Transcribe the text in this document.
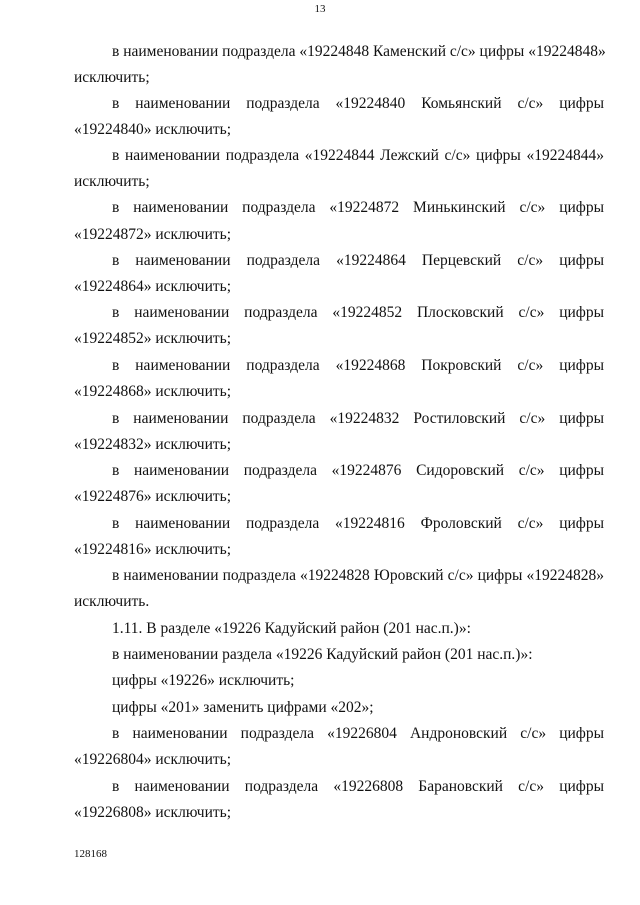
13
в наименовании подраздела «19224848 Каменский с/с» цифры «19224848»
исключить;
в наименовании подраздела «19224840 Комьянский с/с» цифры
«19224840» исключить;
в наименовании подраздела «19224844 Лежский с/с» цифры «19224844»
исключить;
в наименовании подраздела «19224872 Минькинский с/с» цифры
«19224872» исключить;
в наименовании подраздела «19224864 Перцевский с/с» цифры
«19224864» исключить;
в наименовании подраздела «19224852 Плосковский с/с» цифры
«19224852» исключить;
в наименовании подраздела «19224868 Покровский с/с» цифры
«19224868» исключить;
в наименовании подраздела «19224832 Ростиловский с/с» цифры
«19224832» исключить;
в наименовании подраздела «19224876 Сидоровский с/с» цифры
«19224876» исключить;
в наименовании подраздела «19224816 Фроловский с/с» цифры
«19224816» исключить;
в наименовании подраздела «19224828 Юровский с/с» цифры «19224828»
исключить.
1.11. В разделе «19226 Кадуйский район (201 нас.п.)»:
в наименовании раздела «19226 Кадуйский район (201 нас.п.)»:
цифры «19226» исключить;
цифры «201» заменить цифрами «202»;
в наименовании подраздела «19226804 Андроновский с/с» цифры
«19226804» исключить;
в наименовании подраздела «19226808 Барановский с/с» цифры
«19226808» исключить;
128168
